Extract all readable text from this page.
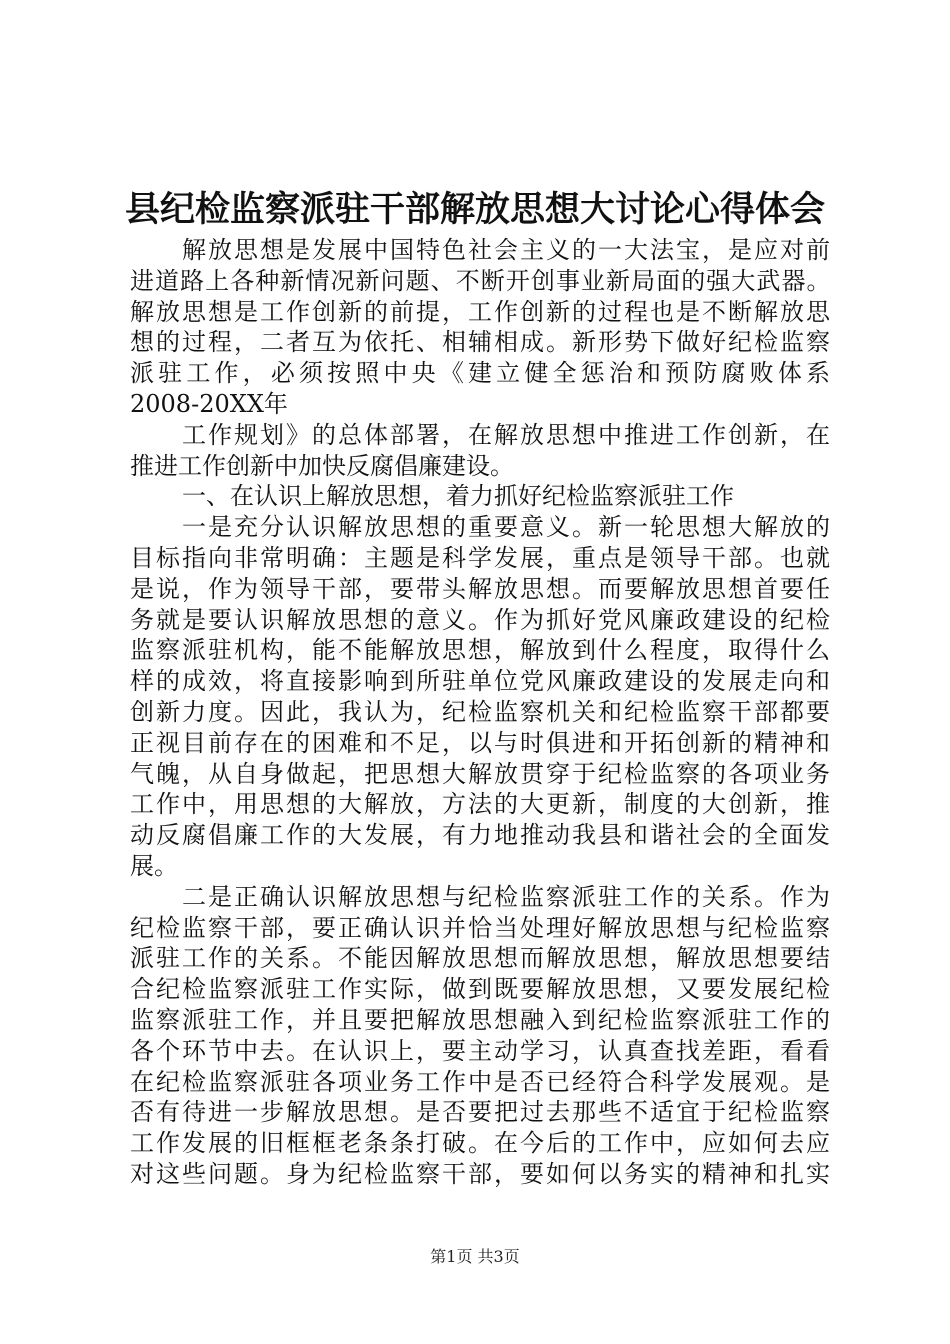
县纪检监察派驻干部解放思想大讨论心得体会
解放思想是发展中国特色社会主义的一大法宝，是应对前
进道路上各种新情况新问题、不断开创事业新局面的强大武器。
解放思想是工作创新的前提，工作创新的过程也是不断解放思
想的过程，二者互为依托、相辅相成。新形势下做好纪检监察
派驻工作，必须按照中央《建立健全惩治和预防腐败体系
2008-20XX年
工作规划》的总体部署，在解放思想中推进工作创新，在
推进工作创新中加快反腐倡廉建设。
一、在认识上解放思想，着力抓好纪检监察派驻工作
一是充分认识解放思想的重要意义。新一轮思想大解放的
目标指向非常明确：主题是科学发展，重点是领导干部。也就
是说，作为领导干部，要带头解放思想。而要解放思想首要任
务就是要认识解放思想的意义。作为抓好党风廉政建设的纪检
监察派驻机构，能不能解放思想，解放到什么程度，取得什么
样的成效，将直接影响到所驻单位党风廉政建设的发展走向和
创新力度。因此，我认为，纪检监察机关和纪检监察干部都要
正视目前存在的困难和不足，以与时俱进和开拓创新的精神和
气魄，从自身做起，把思想大解放贯穿于纪检监察的各项业务
工作中，用思想的大解放，方法的大更新，制度的大创新，推
动反腐倡廉工作的大发展，有力地推动我县和谐社会的全面发
展。
二是正确认识解放思想与纪检监察派驻工作的关系。作为
纪检监察干部，要正确认识并恰当处理好解放思想与纪检监察
派驻工作的关系。不能因解放思想而解放思想，解放思想要结
合纪检监察派驻工作实际，做到既要解放思想，又要发展纪检
监察派驻工作，并且要把解放思想融入到纪检监察派驻工作的
各个环节中去。在认识上，要主动学习，认真查找差距，看看
在纪检监察派驻各项业务工作中是否已经符合科学发展观。是
否有待进一步解放思想。是否要把过去那些不适宜于纪检监察
工作发展的旧框框老条条打破。在今后的工作中，应如何去应
对这些问题。身为纪检监察干部，要如何以务实的精神和扎实
第1页 共3页
